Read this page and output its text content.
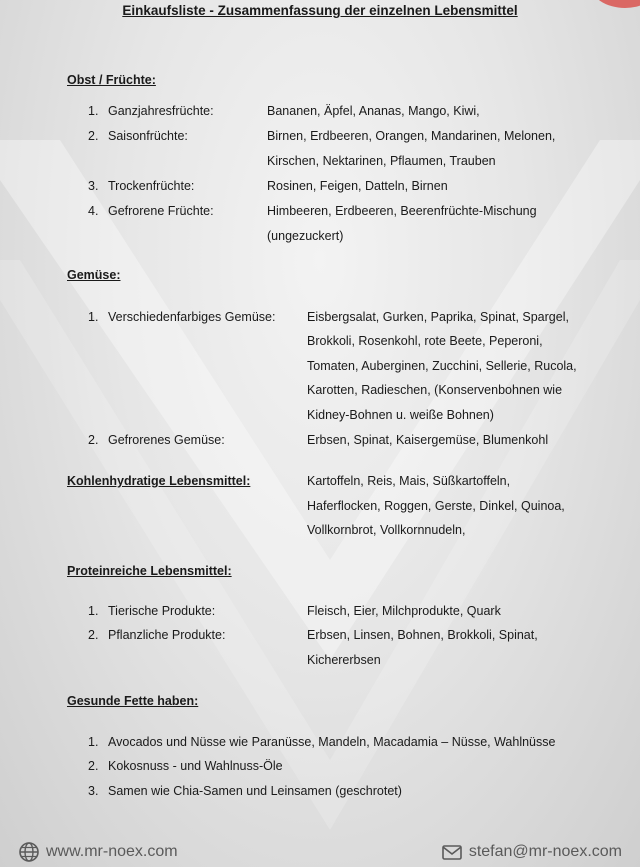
Einkaufsliste - Zusammenfassung der einzelnen Lebensmittel
Obst / Früchte:
1. Ganzjahresfrüchte:	Bananen, Äpfel, Ananas, Mango, Kiwi,
2. Saisonfrüchte:	Birnen, Erdbeeren, Orangen, Mandarinen, Melonen,
Kirschen, Nektarinen, Pflaumen, Trauben
3. Trockenfrüchte:	Rosinen, Feigen, Datteln, Birnen
4. Gefrorene Früchte:	Himbeeren, Erdbeeren, Beerenfrüchte-Mischung
(ungezuckert)
Gemüse:
1. Verschiedenfarbiges Gemüse:	Eisbergsalat, Gurken, Paprika, Spinat, Spargel,
Brokkoli, Rosenkohl, rote Beete, Peperoni,
Tomaten, Auberginen, Zucchini, Sellerie, Rucola,
Karotten, Radieschen, (Konservenbohnen wie
Kidney-Bohnen u. weiße Bohnen)
2. Gefrorenes Gemüse:	Erbsen, Spinat, Kaisergemüse, Blumenkohl
Kohlenhydratige Lebensmittel:	Kartoffeln, Reis, Mais, Süßkartoffeln,
Haferflocken, Roggen, Gerste, Dinkel, Quinoa,
Vollkornbrot, Vollkornnudeln,
Proteinreiche Lebensmittel:
1. Tierische Produkte:	Fleisch, Eier, Milchprodukte, Quark
2. Pflanzliche Produkte:	Erbsen, Linsen, Bohnen, Brokkoli, Spinat,
Kichererbsen
Gesunde Fette haben:
1. Avocados und Nüsse wie Paranüsse, Mandeln, Macadamia – Nüsse, Wahlnüsse
2. Kokosnuss - und Wahlnuss-Öle
3. Samen wie Chia-Samen und Leinsamen (geschrotet)
www.mr-noex.com	stefan@mr-noex.com
